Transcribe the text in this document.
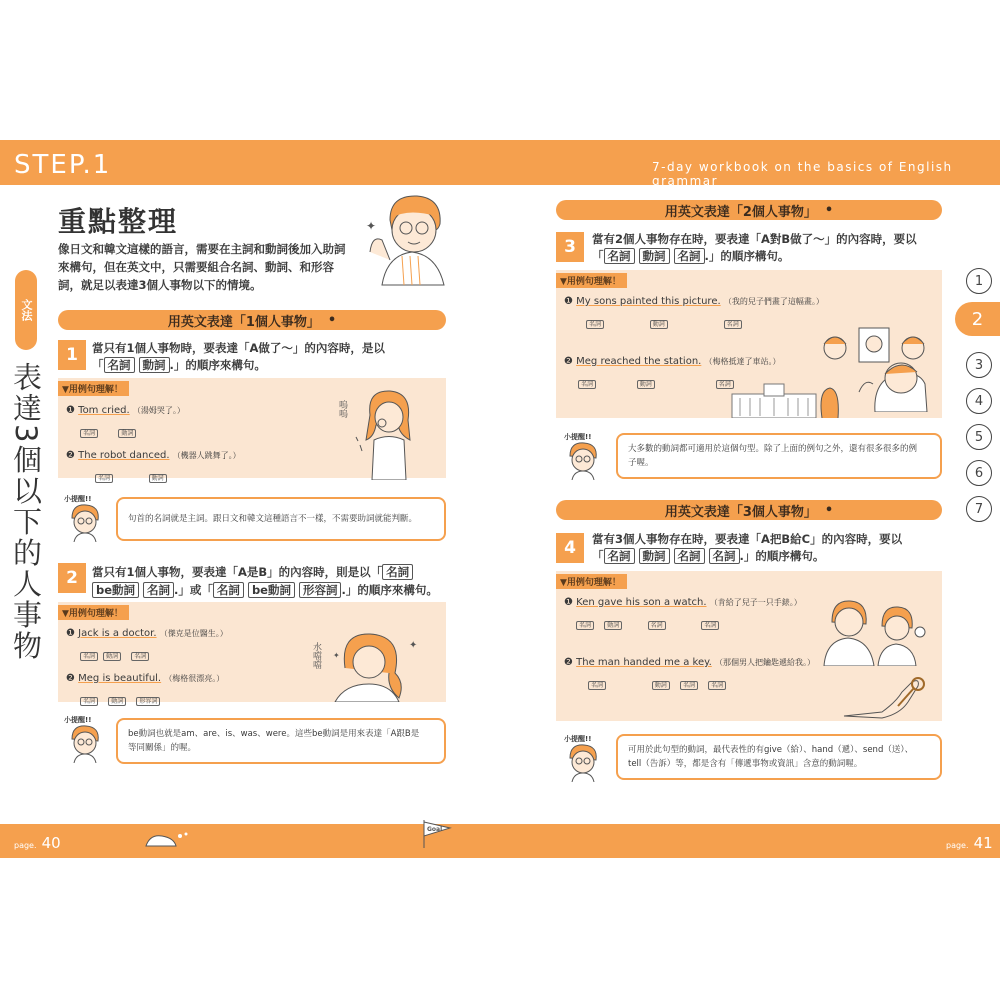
STEP.1	7-day workbook on the basics of English grammar
重點整理
像日文和韓文這樣的語言，需要在主詞和動詞後加入助詞
來構句，但在英文中，只需要組合名詞、動詞、和形容
詞，就足以表達3個人事物以下的情境。
✦
文法
表達3個以下的人事物
用英文表達「1個人事物」 •
1	當只有1個人事物時，要表達「A做了～」的內容時，是以
「 名詞 動詞 .」的順序來構句。
▼用例句理解！
❶ Tom cried. （湯姆哭了。）
名詞	動詞
❷ The robot danced. （機器人跳舞了。）
名詞	動詞
嗚嗚
小提醒!!
句首的名詞就是主詞。跟日文和韓文這種語言不一樣，不需要助詞就能判斷。
2	當只有1個人事物，要表達「A是B」的內容時，則是以「 名詞
be動詞 名詞 .」或「 名詞 be動詞 形容詞 .」的順序來構句。
▼用例句理解！
❶ Jack is a doctor. （傑克是位醫生。）
名詞 動詞	名詞
❷ Meg is beautiful. （梅格很漂亮。）
名詞	動詞	形容詞
水噹噹	✦
✦
小提醒!!
be動詞也就是am、are、is、was、were。這些be動詞是用來表達「A跟B是
等同關係」的喔。
用英文表達「2個人事物」 •
3	當有2個人事物存在時，要表達「A對B做了～」的內容時，要以
「 名詞 動詞 名詞 .」的順序構句。
▼用例句理解！
❶ My sons painted this picture. （我的兒子們畫了這幅畫。）
名詞	動詞	名詞
❷ Meg reached the station. （梅格抵達了車站。）
名詞	動詞	名詞
小提醒!!
大多數的動詞都可適用於這個句型。除了上面的例句之外，還有很多很多的例
子喔。
用英文表達「3個人事物」 •
4	當有3個人事物存在時，要表達「A把B給C」的內容時，要以
「 名詞 動詞 名詞 名詞 .」的順序構句。
▼用例句理解！
❶ Ken gave his son a watch. （肯給了兒子一只手錶。）
名詞	動詞	名詞	名詞
❷ The man handed me a key. （那個男人把鑰匙遞給我。）
名詞	動詞	名詞	名詞
小提醒!!
可用於此句型的動詞，最代表性的有give（給）、hand（遞）、send（送）、
tell（告訴）等，都是含有「傳遞事物或資訊」含意的動詞喔。
1
2
3
4
5
6
7
page. 40	page. 41
Goal
